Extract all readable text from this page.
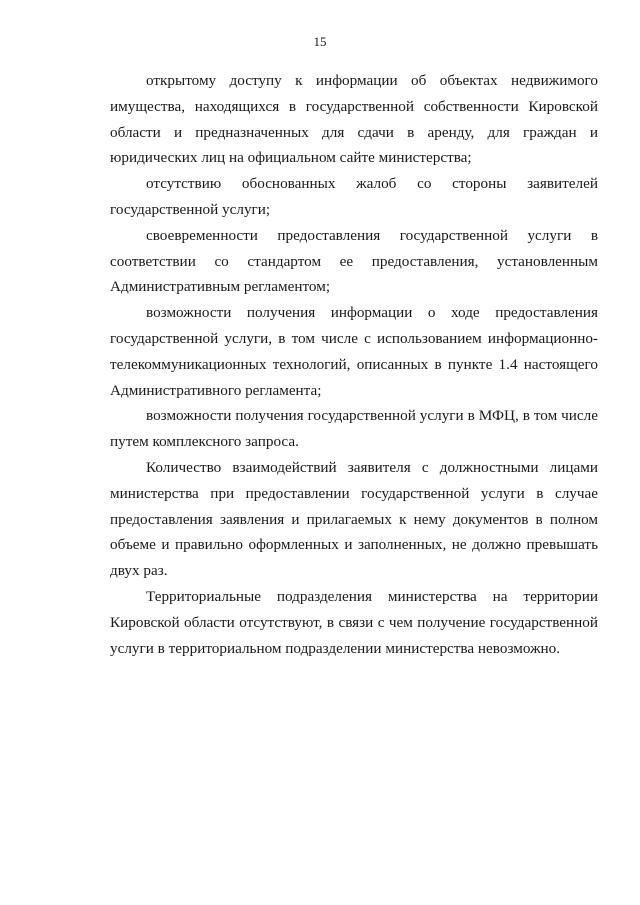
15

открытому доступу к информации об объектах недвижимого имущества, находящихся в государственной собственности Кировской области и предназначенных для сдачи в аренду, для граждан и юридических лиц на официальном сайте министерства;

отсутствию обоснованных жалоб со стороны заявителей государственной услуги;

своевременности предоставления государственной услуги в соответствии со стандартом ее предоставления, установленным Административным регламентом;

возможности получения информации о ходе предоставления государственной услуги, в том числе с использованием информационно-телекоммуникационных технологий, описанных в пункте 1.4 настоящего Административного регламента;

возможности получения государственной услуги в МФЦ, в том числе путем комплексного запроса.

Количество взаимодействий заявителя с должностными лицами министерства при предоставлении государственной услуги в случае предоставления заявления и прилагаемых к нему документов в полном объеме и правильно оформленных и заполненных, не должно превышать двух раз.

Территориальные подразделения министерства на территории Кировской области отсутствуют, в связи с чем получение государственной услуги в территориальном подразделении министерства невозможно.
